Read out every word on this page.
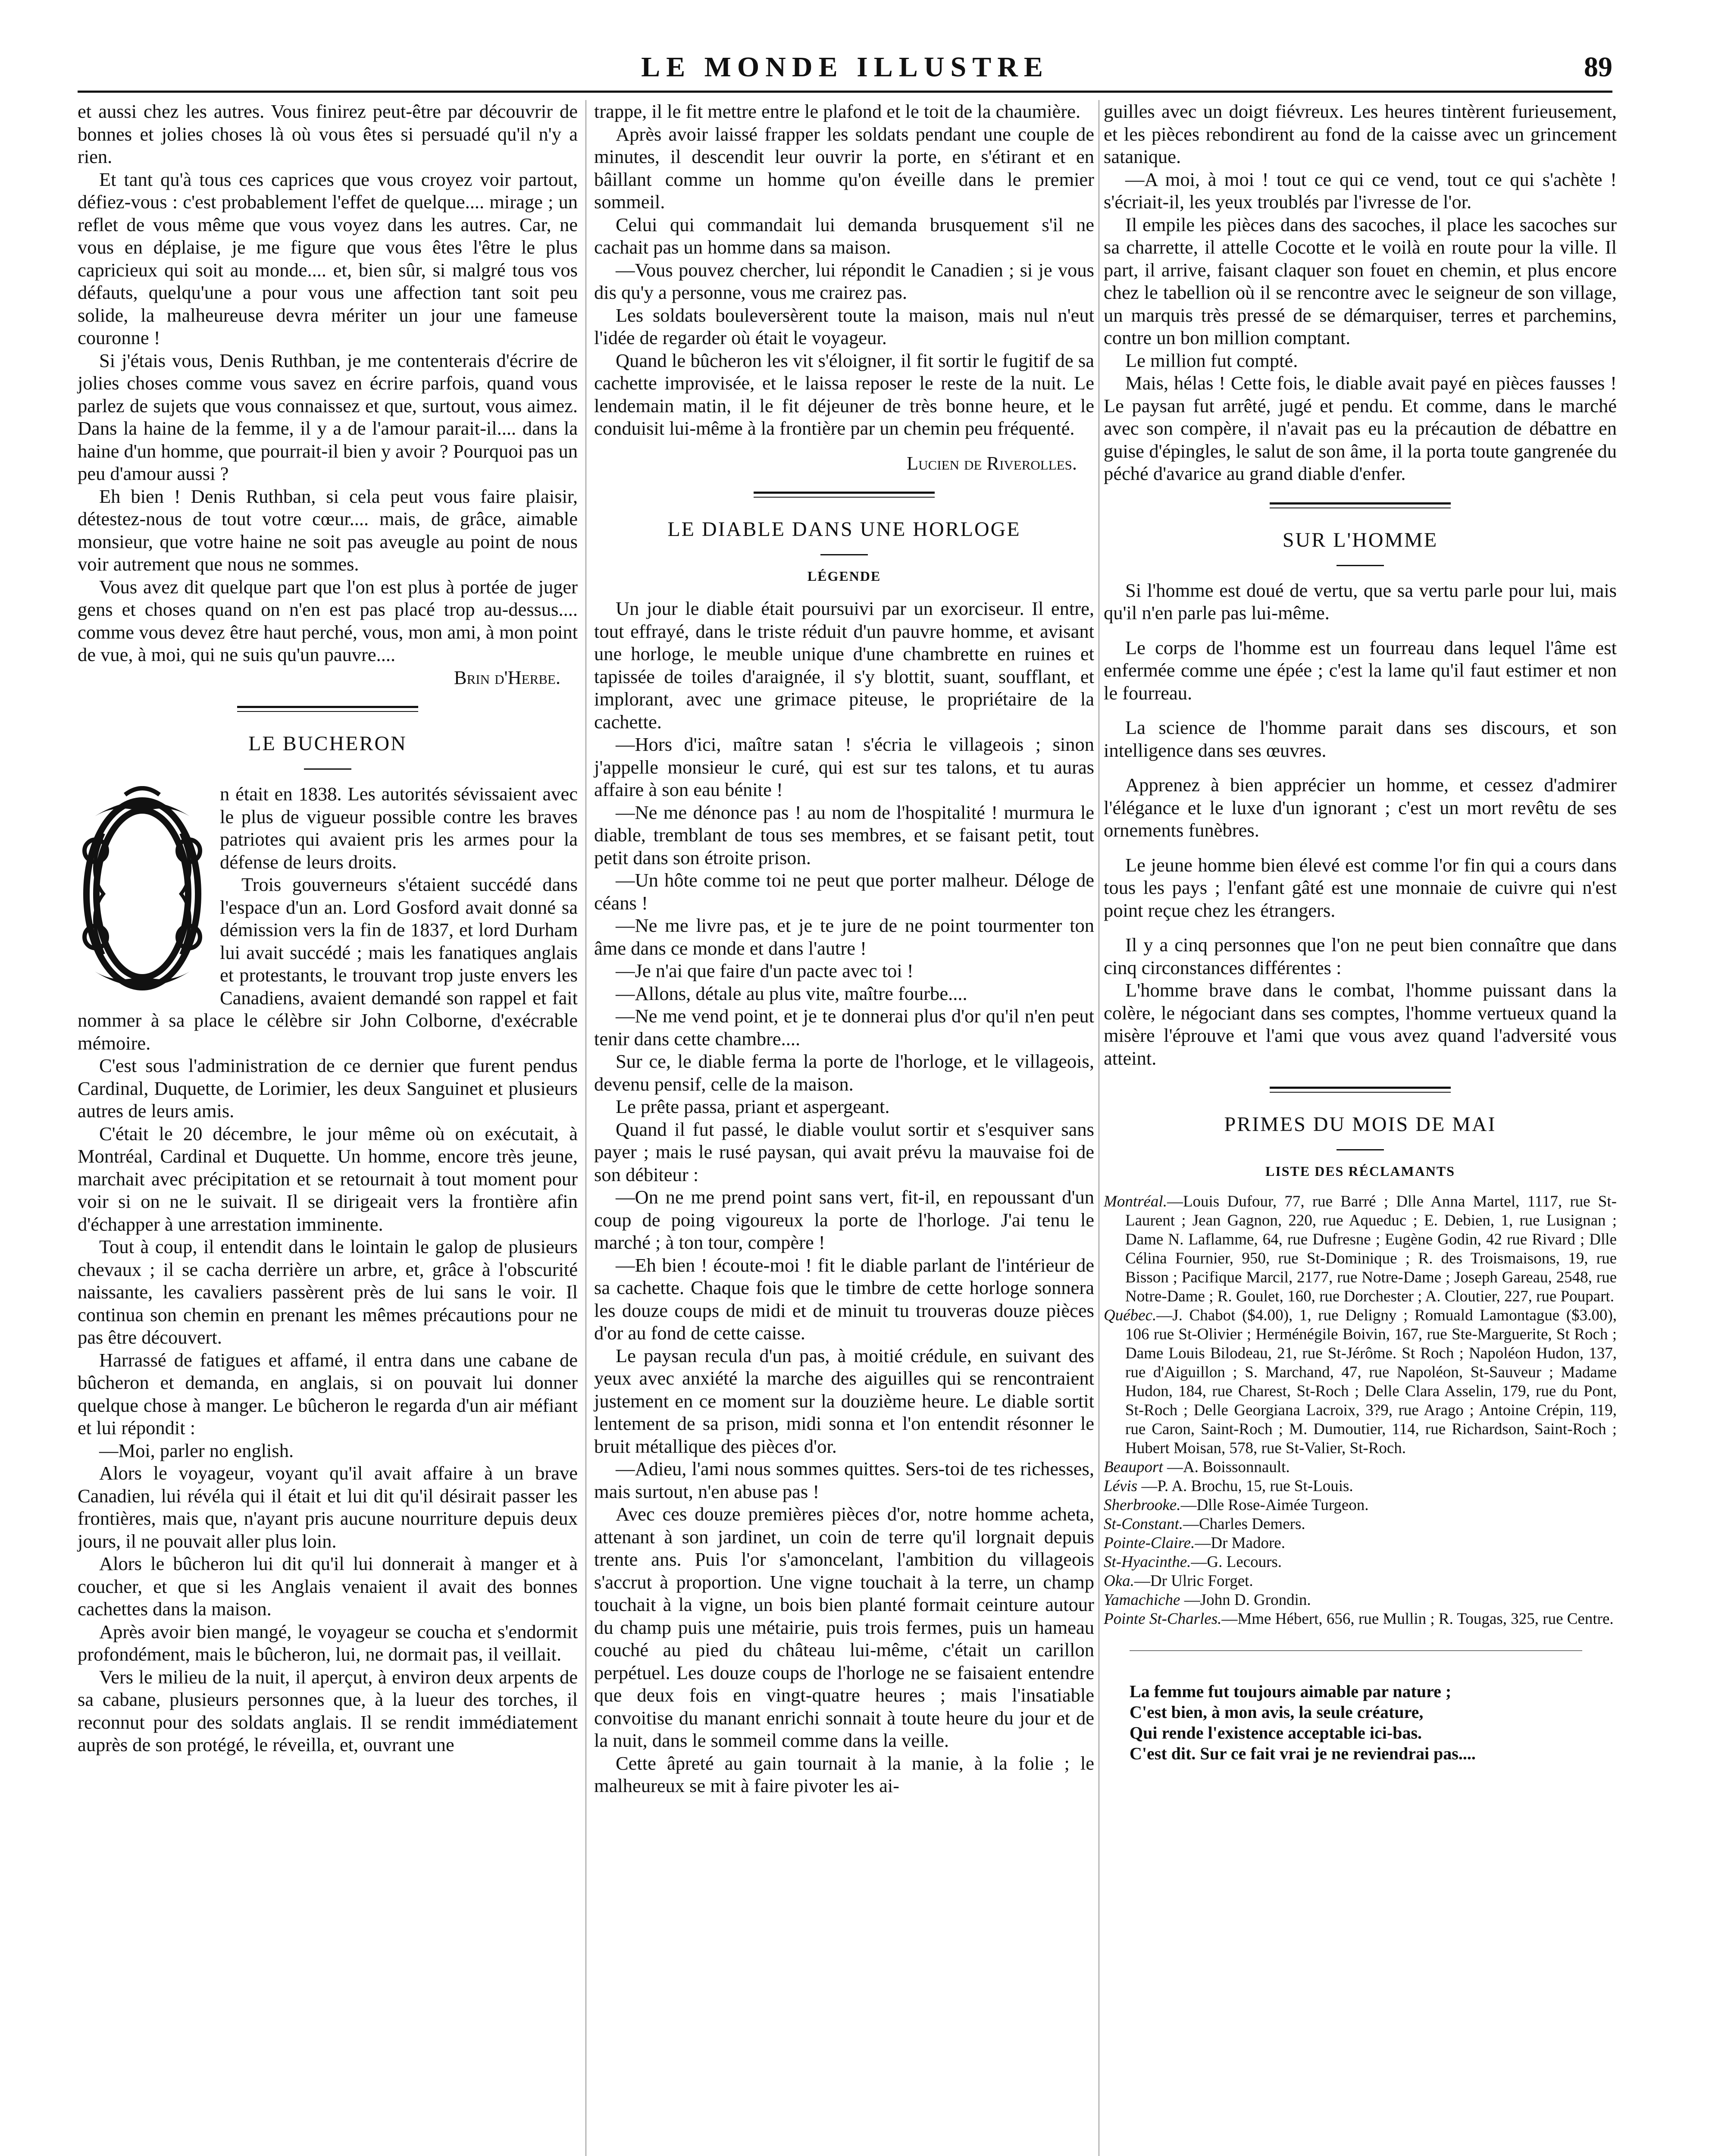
LE MONDE ILLUSTRE	89

et aussi chez les autres. Vous finirez peut-être par découvrir de bonnes et jolies choses là où vous êtes si persuadé qu'il n'y a rien.

Et tant qu'à tous ces caprices que vous croyez voir partout, défiez-vous : c'est probablement l'effet de quelque.... mirage ; un reflet de vous même que vous voyez dans les autres. Car, ne vous en déplaise, je me figure que vous êtes l'être le plus capricieux qui soit au monde.... et, bien sûr, si malgré tous vos défauts, quelqu'une a pour vous une affection tant soit peu solide, la malheureuse devra mériter un jour une fameuse couronne !

Si j'étais vous, Denis Ruthban, je me contenterais d'écrire de jolies choses comme vous savez en écrire parfois, quand vous parlez de sujets que vous connaissez et que, surtout, vous aimez. Dans la haine de la femme, il y a de l'amour parait-il.... dans la haine d'un homme, que pourrait-il bien y avoir ? Pourquoi pas un peu d'amour aussi ?

Eh bien ! Denis Ruthban, si cela peut vous faire plaisir, détestez-nous de tout votre cœur.... mais, de grâce, aimable monsieur, que votre haine ne soit pas aveugle au point de nous voir autrement que nous ne sommes.

Vous avez dit quelque part que l'on est plus à portée de juger gens et choses quand on n'en est pas placé trop au-dessus.... comme vous devez être haut perché, vous, mon ami, à mon point de vue, à moi, qui ne suis qu'un pauvre....

Brin d'Herbe.

LE BUCHERON

n était en 1838. Les autorités sévissaient avec le plus de vigueur possible contre les braves patriotes qui avaient pris les armes pour la défense de leurs droits.

Trois gouverneurs s'étaient succédé dans l'espace d'un an. Lord Gosford avait donné sa démission vers la fin de 1837, et lord Durham lui avait succédé ; mais les fanatiques anglais et protestants, le trouvant trop juste envers les Canadiens, avaient demandé son rappel et fait nommer à sa place le célèbre sir John Colborne, d'exécrable mémoire.

C'est sous l'administration de ce dernier que furent pendus Cardinal, Duquette, de Lorimier, les deux Sanguinet et plusieurs autres de leurs amis.

C'était le 20 décembre, le jour même où on exécutait, à Montréal, Cardinal et Duquette. Un homme, encore très jeune, marchait avec précipitation et se retournait à tout moment pour voir si on ne le suivait. Il se dirigeait vers la frontière afin d'échapper à une arrestation imminente.

Tout à coup, il entendit dans le lointain le galop de plusieurs chevaux ; il se cacha derrière un arbre, et, grâce à l'obscurité naissante, les cavaliers passèrent près de lui sans le voir. Il continua son chemin en prenant les mêmes précautions pour ne pas être découvert.

Harrassé de fatigues et affamé, il entra dans une cabane de bûcheron et demanda, en anglais, si on pouvait lui donner quelque chose à manger. Le bûcheron le regarda d'un air méfiant et lui répondit :

—Moi, parler no english.

Alors le voyageur, voyant qu'il avait affaire à un brave Canadien, lui révéla qui il était et lui dit qu'il désirait passer les frontières, mais que, n'ayant pris aucune nourriture depuis deux jours, il ne pouvait aller plus loin.

Alors le bûcheron lui dit qu'il lui donnerait à manger et à coucher, et que si les Anglais venaient il avait des bonnes cachettes dans la maison.

Après avoir bien mangé, le voyageur se coucha et s'endormit profondément, mais le bûcheron, lui, ne dormait pas, il veillait.

Vers le milieu de la nuit, il aperçut, à environ deux arpents de sa cabane, plusieurs personnes que, à la lueur des torches, il reconnut pour des soldats anglais. Il se rendit immédiatement auprès de son protégé, le réveilla, et, ouvrant une

trappe, il le fit mettre entre le plafond et le toit de la chaumière.

Après avoir laissé frapper les soldats pendant une couple de minutes, il descendit leur ouvrir la porte, en s'étirant et en bâillant comme un homme qu'on éveille dans le premier sommeil.

Celui qui commandait lui demanda brusquement s'il ne cachait pas un homme dans sa maison.

—Vous pouvez chercher, lui répondit le Canadien ; si je vous dis qu'y a personne, vous me crairez pas.

Les soldats bouleversèrent toute la maison, mais nul n'eut l'idée de regarder où était le voyageur.

Quand le bûcheron les vit s'éloigner, il fit sortir le fugitif de sa cachette improvisée, et le laissa reposer le reste de la nuit. Le lendemain matin, il le fit déjeuner de très bonne heure, et le conduisit lui-même à la frontière par un chemin peu fréquenté.

Lucien de Riverolles.

LE DIABLE DANS UNE HORLOGE
LÉGENDE

Un jour le diable était poursuivi par un exorciseur. Il entre, tout effrayé, dans le triste réduit d'un pauvre homme, et avisant une horloge, le meuble unique d'une chambrette en ruines et tapissée de toiles d'araignée, il s'y blottit, suant, soufflant, et implorant, avec une grimace piteuse, le propriétaire de la cachette.

—Hors d'ici, maître satan ! s'écria le villageois ; sinon j'appelle monsieur le curé, qui est sur tes talons, et tu auras affaire à son eau bénite !

—Ne me dénonce pas ! au nom de l'hospitalité ! murmura le diable, tremblant de tous ses membres, et se faisant petit, tout petit dans son étroite prison.

—Un hôte comme toi ne peut que porter malheur. Déloge de céans !

—Ne me livre pas, et je te jure de ne point tourmenter ton âme dans ce monde et dans l'autre !

—Je n'ai que faire d'un pacte avec toi !

—Allons, détale au plus vite, maître fourbe....

—Ne me vend point, et je te donnerai plus d'or qu'il n'en peut tenir dans cette chambre....

Sur ce, le diable ferma la porte de l'horloge, et le villageois, devenu pensif, celle de la maison.

Le prête passa, priant et aspergeant.

Quand il fut passé, le diable voulut sortir et s'esquiver sans payer ; mais le rusé paysan, qui avait prévu la mauvaise foi de son débiteur :

—On ne me prend point sans vert, fit-il, en repoussant d'un coup de poing vigoureux la porte de l'horloge. J'ai tenu le marché ; à ton tour, compère !

—Eh bien ! écoute-moi ! fit le diable parlant de l'intérieur de sa cachette. Chaque fois que le timbre de cette horloge sonnera les douze coups de midi et de minuit tu trouveras douze pièces d'or au fond de cette caisse.

Le paysan recula d'un pas, à moitié crédule, en suivant des yeux avec anxiété la marche des aiguilles qui se rencontraient justement en ce moment sur la douzième heure. Le diable sortit lentement de sa prison, midi sonna et l'on entendit résonner le bruit métallique des pièces d'or.

—Adieu, l'ami nous sommes quittes. Sers-toi de tes richesses, mais surtout, n'en abuse pas !

Avec ces douze premières pièces d'or, notre homme acheta, attenant à son jardinet, un coin de terre qu'il lorgnait depuis trente ans. Puis l'or s'amoncelant, l'ambition du villageois s'accrut à proportion. Une vigne touchait à la terre, un champ touchait à la vigne, un bois bien planté formait ceinture autour du champ puis une métairie, puis trois fermes, puis un hameau couché au pied du château lui-même, c'était un carillon perpétuel. Les douze coups de l'horloge ne se faisaient entendre que deux fois en vingt-quatre heures ; mais l'insatiable convoitise du manant enrichi sonnait à toute heure du jour et de la nuit, dans le sommeil comme dans la veille.

Cette âpreté au gain tournait à la manie, à la folie ; le malheureux se mit à faire pivoter les ai-

guilles avec un doigt fiévreux. Les heures tintèrent furieusement, et les pièces rebondirent au fond de la caisse avec un grincement satanique.

—A moi, à moi ! tout ce qui ce vend, tout ce qui s'achète ! s'écriait-il, les yeux troublés par l'ivresse de l'or.

Il empile les pièces dans des sacoches, il place les sacoches sur sa charrette, il attelle Cocotte et le voilà en route pour la ville. Il part, il arrive, faisant claquer son fouet en chemin, et plus encore chez le tabellion où il se rencontre avec le seigneur de son village, un marquis très pressé de se démarquiser, terres et parchemins, contre un bon million comptant.

Le million fut compté.

Mais, hélas ! Cette fois, le diable avait payé en pièces fausses ! Le paysan fut arrêté, jugé et pendu. Et comme, dans le marché avec son compère, il n'avait pas eu la précaution de débattre en guise d'épingles, le salut de son âme, il la porta toute gangrenée du péché d'avarice au grand diable d'enfer.

SUR L'HOMME

Si l'homme est doué de vertu, que sa vertu parle pour lui, mais qu'il n'en parle pas lui-même.

Le corps de l'homme est un fourreau dans lequel l'âme est enfermée comme une épée ; c'est la lame qu'il faut estimer et non le fourreau.

La science de l'homme parait dans ses discours, et son intelligence dans ses œuvres.

Apprenez à bien apprécier un homme, et cessez d'admirer l'élégance et le luxe d'un ignorant ; c'est un mort revêtu de ses ornements funèbres.

Le jeune homme bien élevé est comme l'or fin qui a cours dans tous les pays ; l'enfant gâté est une monnaie de cuivre qui n'est point reçue chez les étrangers.

Il y a cinq personnes que l'on ne peut bien connaître que dans cinq circonstances différentes :

L'homme brave dans le combat, l'homme puissant dans la colère, le négociant dans ses comptes, l'homme vertueux quand la misère l'éprouve et l'ami que vous avez quand l'adversité vous atteint.

PRIMES DU MOIS DE MAI
LISTE DES RÉCLAMANTS

Montréal.—Louis Dufour, 77, rue Barré ; Dlle Anna Martel, 1117, rue St-Laurent ; Jean Gagnon, 220, rue Aqueduc ; E. Debien, 1, rue Lusignan ; Dame N. Laflamme, 64, rue Dufresne ; Eugène Godin, 42 rue Rivard ; Dlle Célina Fournier, 950, rue St-Dominique ; R. des Troismaisons, 19, rue Bisson ; Pacifique Marcil, 2177, rue Notre-Dame ; Joseph Gareau, 2548, rue Notre-Dame ; R. Goulet, 160, rue Dorchester ; A. Cloutier, 227, rue Poupart.

Québec.—J. Chabot ($4.00), 1, rue Deligny ; Romuald Lamontague ($3.00), 106 rue St-Olivier ; Herménégile Boivin, 167, rue Ste-Marguerite, St Roch ; Dame Louis Bilodeau, 21, rue St-Jérôme. St Roch ; Napoléon Hudon, 137, rue d'Aiguillon ; S. Marchand, 47, rue Napoléon, St-Sauveur ; Madame Hudon, 184, rue Charest, St-Roch ; Delle Clara Asselin, 179, rue du Pont, St-Roch ; Delle Georgiana Lacroix, 3?9, rue Arago ; Antoine Crépin, 119, rue Caron, Saint-Roch ; M. Dumoutier, 114, rue Richardson, Saint-Roch ; Hubert Moisan, 578, rue St-Valier, St-Roch.

Beauport —A. Boissonnault.

Lévis —P. A. Brochu, 15, rue St-Louis.

Sherbrooke.—Dlle Rose-Aimée Turgeon.

St-Constant.—Charles Demers.

Pointe-Claire.—Dr Madore.

St-Hyacinthe.—G. Lecours.

Oka.—Dr Ulric Forget.

Yamachiche —John D. Grondin.

Pointe St-Charles.—Mme Hébert, 656, rue Mullin ; R. Tougas, 325, rue Centre.

La femme fut toujours aimable par nature ;

C'est bien, à mon avis, la seule créature,

Qui rende l'existence acceptable ici-bas.

C'est dit. Sur ce fait vrai je ne reviendrai pas....
